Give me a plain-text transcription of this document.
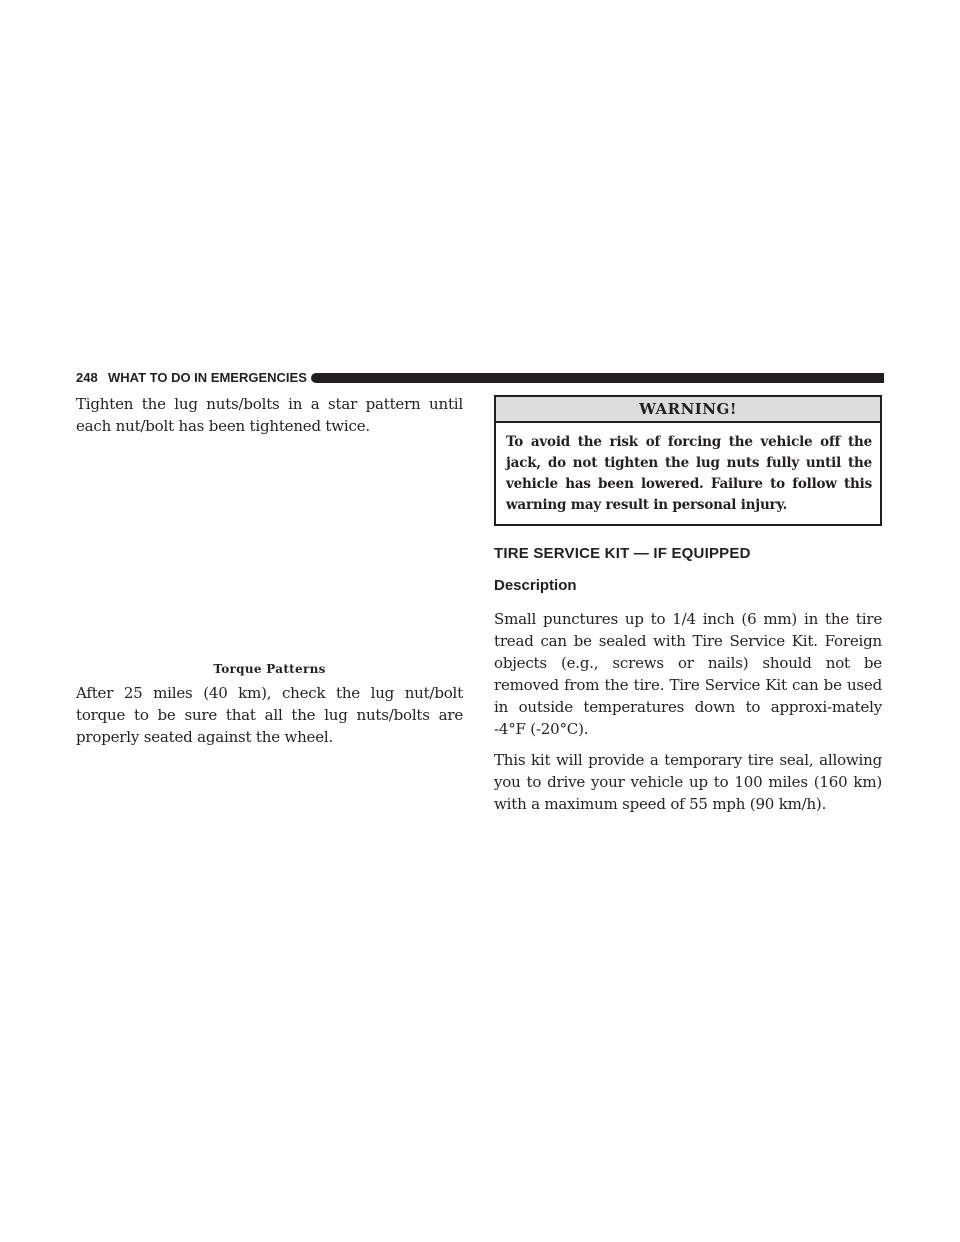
248 WHAT TO DO IN EMERGENCIES

Tighten the lug nuts/bolts in a star pattern until each nut/bolt has been tightened twice.

Torque Patterns

After 25 miles (40 km), check the lug nut/bolt torque to be sure that all the lug nuts/bolts are properly seated against the wheel.

WARNING!
To avoid the risk of forcing the vehicle off the jack, do not tighten the lug nuts fully until the vehicle has been lowered. Failure to follow this warning may result in personal injury.
TIRE SERVICE KIT — IF EQUIPPED
Description

Small punctures up to 1/4 inch (6 mm) in the tire tread can be sealed with Tire Service Kit. Foreign objects (e.g., screws or nails) should not be removed from the tire. Tire Service Kit can be used in outside temperatures down to approxi-mately -4°F (-20°C).

This kit will provide a temporary tire seal, allowing you to drive your vehicle up to 100 miles (160 km) with a maximum speed of 55 mph (90 km/h).
